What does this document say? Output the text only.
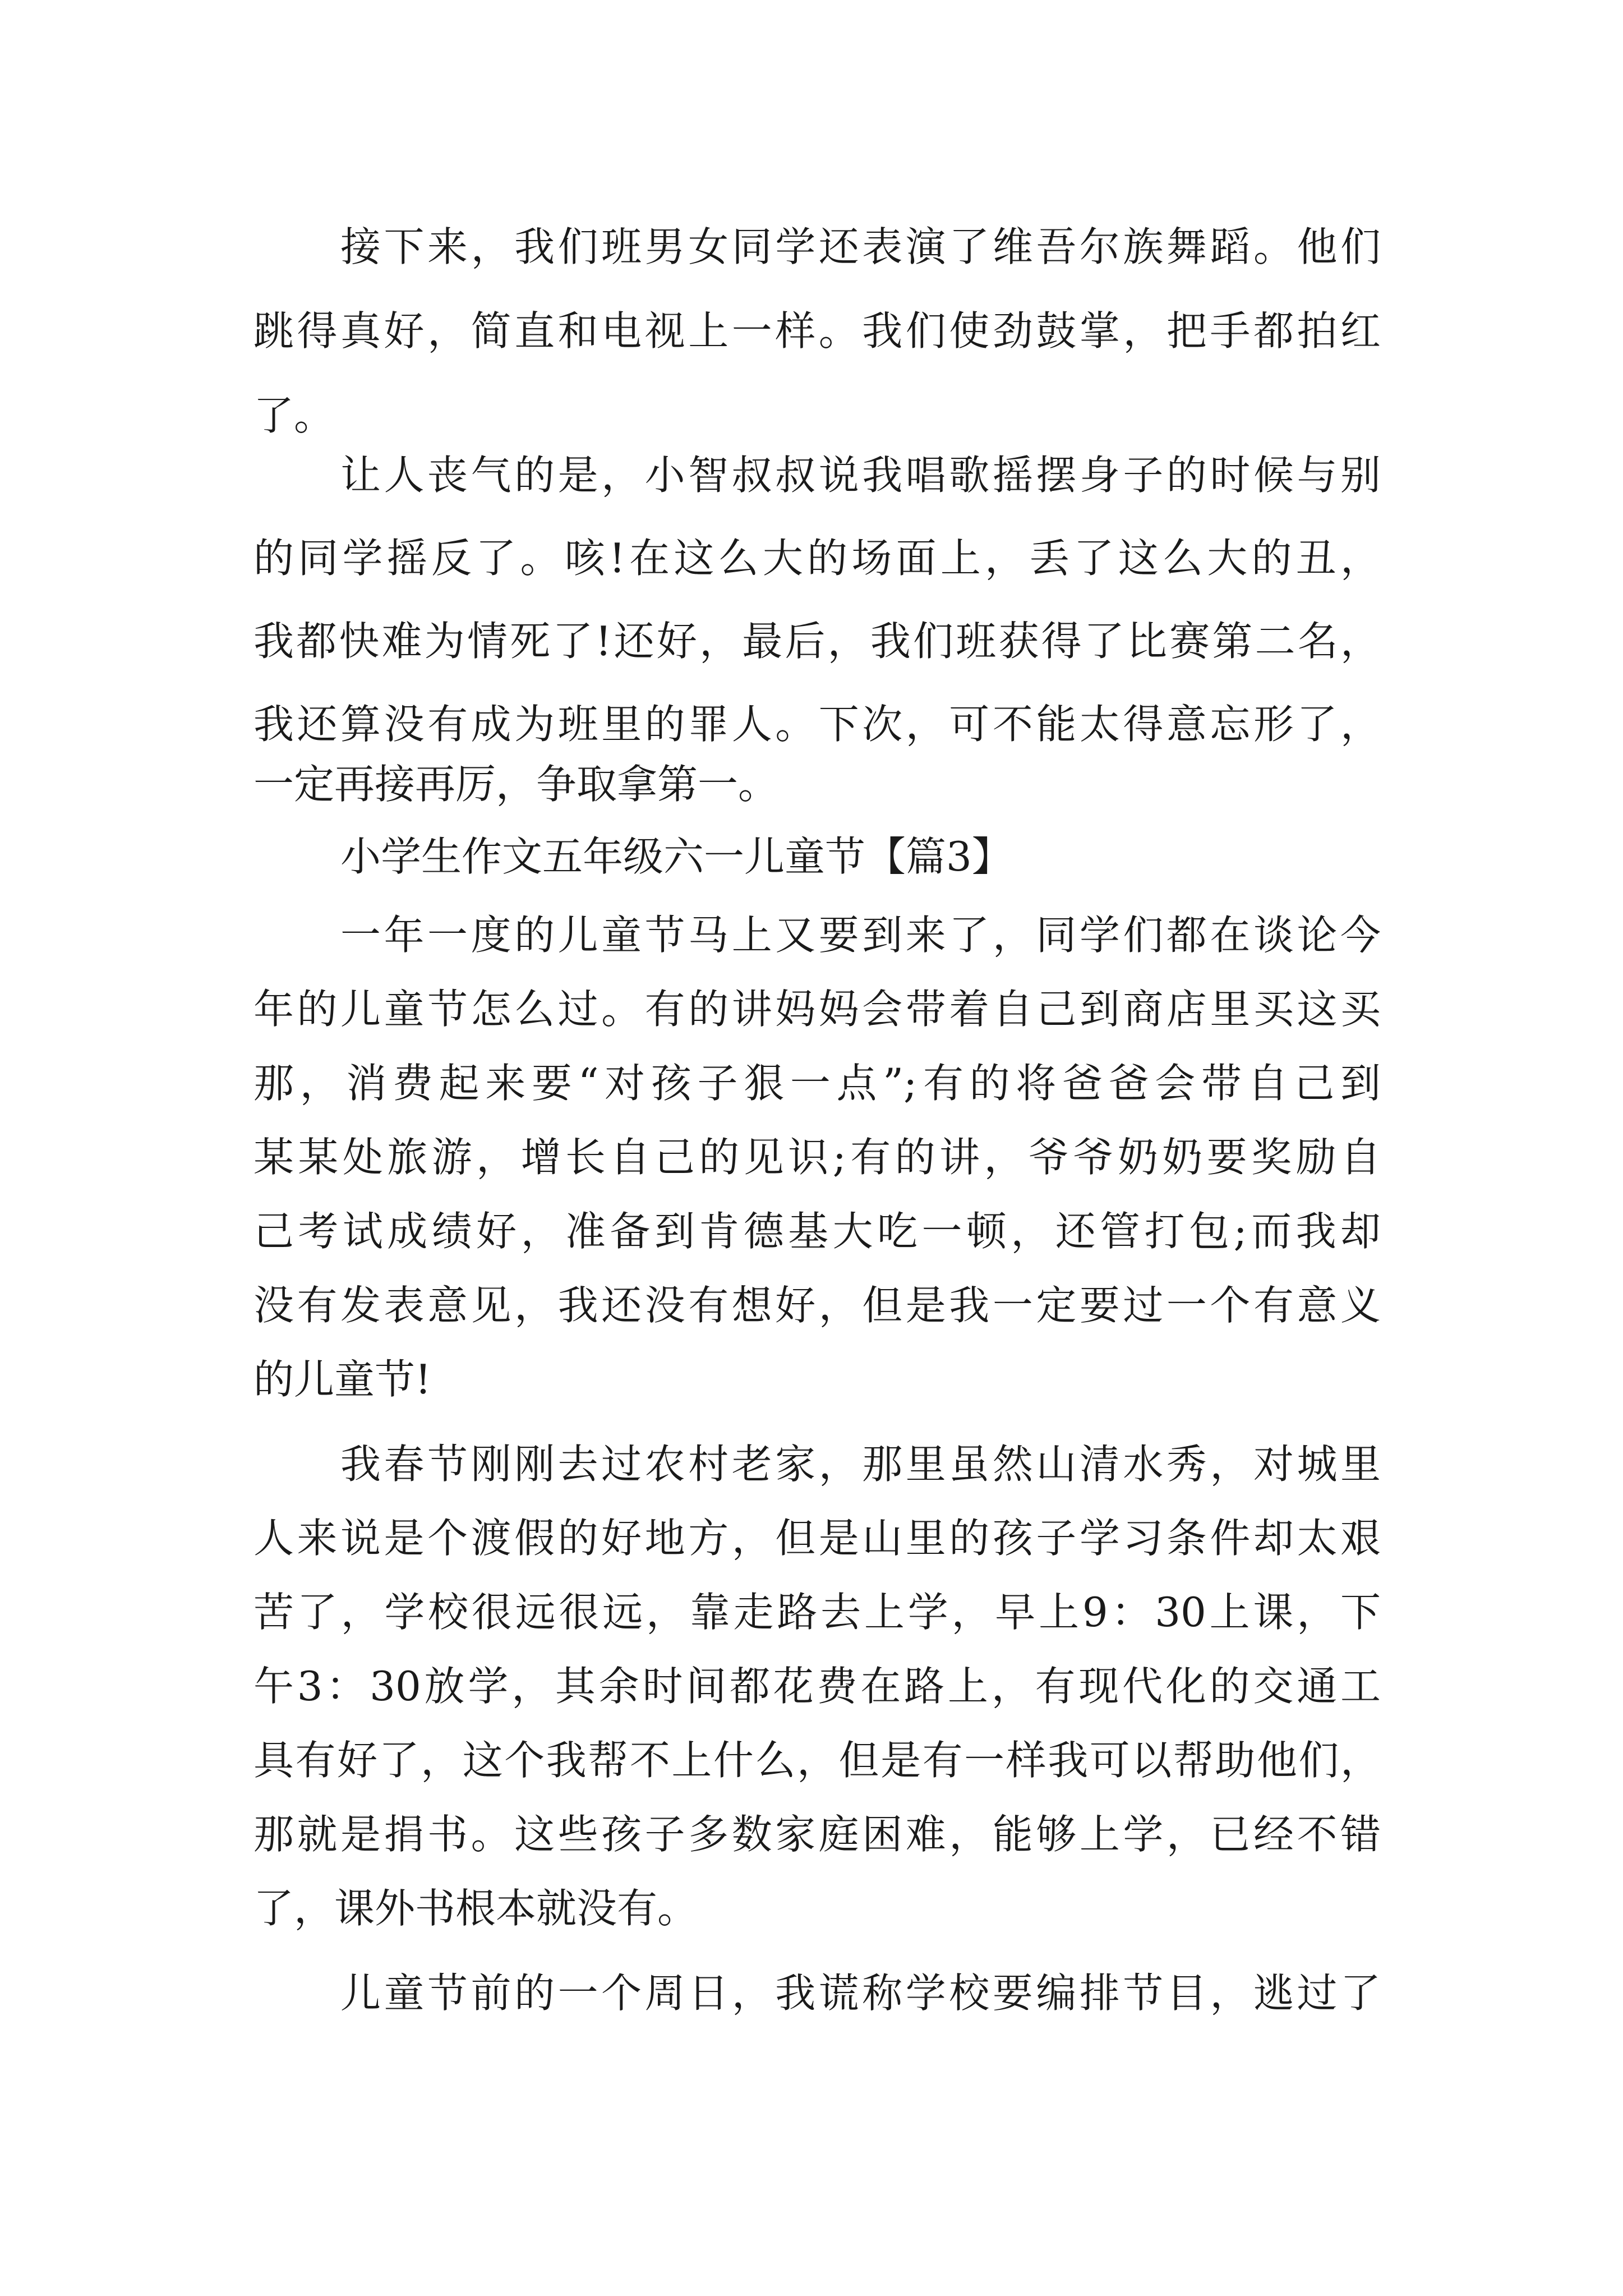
接下来，我们班男女同学还表演了维吾尔族舞蹈。他们
跳得真好，简直和电视上一样。我们使劲鼓掌，把手都拍红
了。
让人丧气的是，小智叔叔说我唱歌摇摆身子的时候与别
的同学摇反了。咳!在这么大的场面上，丢了这么大的丑，
我都快难为情死了!还好，最后，我们班获得了比赛第二名，
我还算没有成为班里的罪人。下次，可不能太得意忘形了，
一定再接再厉，争取拿第一。
小学生作文五年级六一儿童节【篇3】
一年一度的儿童节马上又要到来了，同学们都在谈论今
年的儿童节怎么过。有的讲妈妈会带着自己到商店里买这买
那，消费起来要“对孩子狠一点”;有的将爸爸会带自己到
某某处旅游，增长自己的见识;有的讲，爷爷奶奶要奖励自
己考试成绩好，准备到肯德基大吃一顿，还管打包;而我却
没有发表意见，我还没有想好，但是我一定要过一个有意义
的儿童节!
我春节刚刚去过农村老家，那里虽然山清水秀，对城里
人来说是个渡假的好地方，但是山里的孩子学习条件却太艰
苦了，学校很远很远，靠走路去上学，早上9：30上课，下
午3：30放学，其余时间都花费在路上，有现代化的交通工
具有好了，这个我帮不上什么，但是有一样我可以帮助他们，
那就是捐书。这些孩子多数家庭困难，能够上学，已经不错
了，课外书根本就没有。
儿童节前的一个周日，我谎称学校要编排节目，逃过了
